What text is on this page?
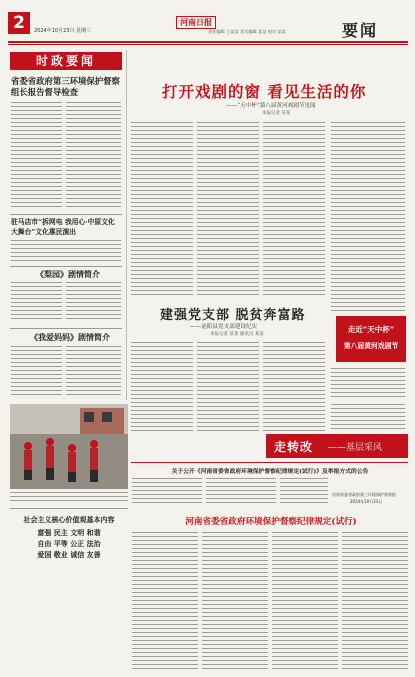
2	2024年10月23日 星期三
河南日报
责任编辑 王某某 美术编辑 某某 校对 某某	要闻
时政要闻
省委省政府第三环境保护督察组长报告督导检查
驻马店市“拆网电 我用心·中原文化大舞台”文化惠民演出
《梨园》剧情简介
《我爱妈妈》剧情简介
打开戏剧的窗 看见生活的你
——“天中杯”第八届黄河戏剧节见闻
本报记者 某某
走近“天中杯”
第八届黄河戏剧节
建强党支部 脱贫奔富路
——泌阳县党支部建设纪实
本报记者 某某 通讯员 某某
走转改 ——基层采风
关于公开《河南省委省政府环境保护督察纪律规定(试行)》及举报方式的公告
河南省委省政府第三环境保护督察组
2024年10月23日
河南省委省政府环境保护督察纪律规定(试行)
社会主义核心价值观基本内容
富强 民主 文明 和谐
自由 平等 公正 法治
爱国 敬业 诚信 友善
